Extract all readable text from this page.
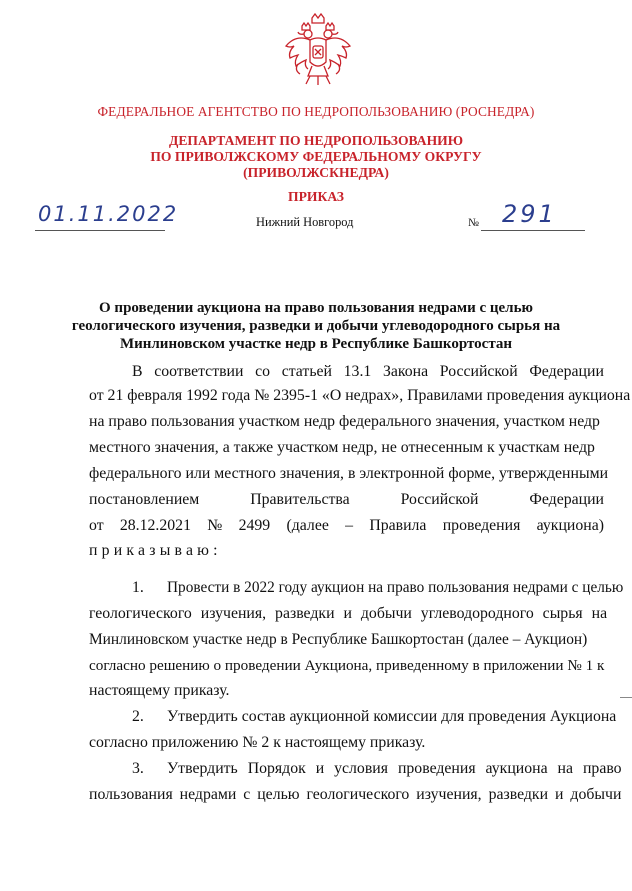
ФЕДЕРАЛЬНОЕ АГЕНТСТВО ПО НЕДРОПОЛЬЗОВАНИЮ (РОСНЕДРА)
ДЕПАРТАМЕНТ ПО НЕДРОПОЛЬЗОВАНИЮ
ПО ПРИВОЛЖСКОМУ ФЕДЕРАЛЬНОМУ ОКРУГУ
(ПРИВОЛЖСКНЕДРА)
ПРИКАЗ
01.11.2022	Нижний Новгород	№ 291
О проведении аукциона на право пользования недрами с целью
геологического изучения, разведки и добычи углеводородного сырья на
Минлиновском участке недр в Республике Башкортостан
В соответствии со статьей 13.1 Закона Российской Федерации
от 21 февраля 1992 года № 2395-1 «О недрах», Правилами проведения аукциона
на право пользования участком недр федерального значения, участком недр
местного значения, а также участком недр, не отнесенным к участкам недр
федерального или местного значения, в электронной форме, утвержденными
постановлением	Правительства	Российской	Федерации
от 28.12.2021 № 2499 (далее – Правила проведения аукциона)
приказываю:
1. Провести в 2022 году аукцион на право пользования недрами с целью
геологического изучения, разведки и добычи углеводородного сырья на
Минлиновском участке недр в Республике Башкортостан (далее – Аукцион)
согласно решению о проведении Аукциона, приведенному в приложении № 1 к
настоящему приказу.
2. Утвердить состав аукционной комиссии для проведения Аукциона
согласно приложению № 2 к настоящему приказу.
3. Утвердить Порядок и условия проведения аукциона на право
пользования недрами с целью геологического изучения, разведки и добычи
